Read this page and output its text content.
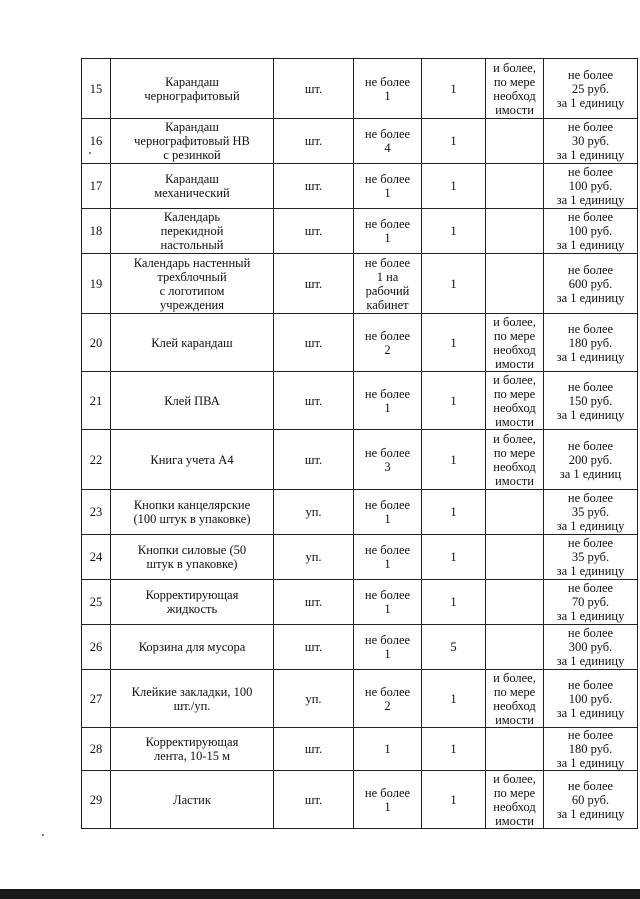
15	Карандаш
чернографитовый	шт.	не более
1	1	и более,
по мере
необход
имости	не более
25 руб.
за 1 единицу
16	Карандаш
чернографитовый НВ
с резинкой	шт.	не более
4	1		не более
30 руб.
за 1 единицу
17	Карандаш
механический	шт.	не более
1	1		не более
100 руб.
за 1 единицу
18	Календарь
перекидной
настольный	шт.	не более
1	1		не более
100 руб.
за 1 единицу
19	Календарь настенный
трехблочный
с логотипом
учреждения	шт.	не более
1 на
рабочий
кабинет	1		не более
600 руб.
за 1 единицу
20	Клей карандаш	шт.	не более
2	1	и более,
по мере
необход
имости	не более
180 руб.
за 1 единицу
21	Клей ПВА	шт.	не более
1	1	и более,
по мере
необход
имости	не более
150 руб.
за 1 единицу
22	Книга учета А4	шт.	не более
3	1	и более,
по мере
необход
имости	не более
200 руб.
за 1 единиц
23	Кнопки канцелярские
(100 штук в упаковке)	уп.	не более
1	1		не более
35 руб.
за 1 единицу
24	Кнопки силовые (50
штук в упаковке)	уп.	не более
1	1		не более
35 руб.
за 1 единицу
25	Корректирующая
жидкость	шт.	не более
1	1		не более
70 руб.
за 1 единицу
26	Корзина для мусора	шт.	не более
1	5		не более
300 руб.
за 1 единицу
27	Клейкие закладки, 100
шт./уп.	уп.	не более
2	1	и более,
по мере
необход
имости	не более
100 руб.
за 1 единицу
28	Корректирующая
лента, 10-15 м	шт.	1	1		не более
180 руб.
за 1 единицу
29	Ластик	шт.	не более
1	1	и более,
по мере
необход
имости	не более
60 руб.
за 1 единицу
